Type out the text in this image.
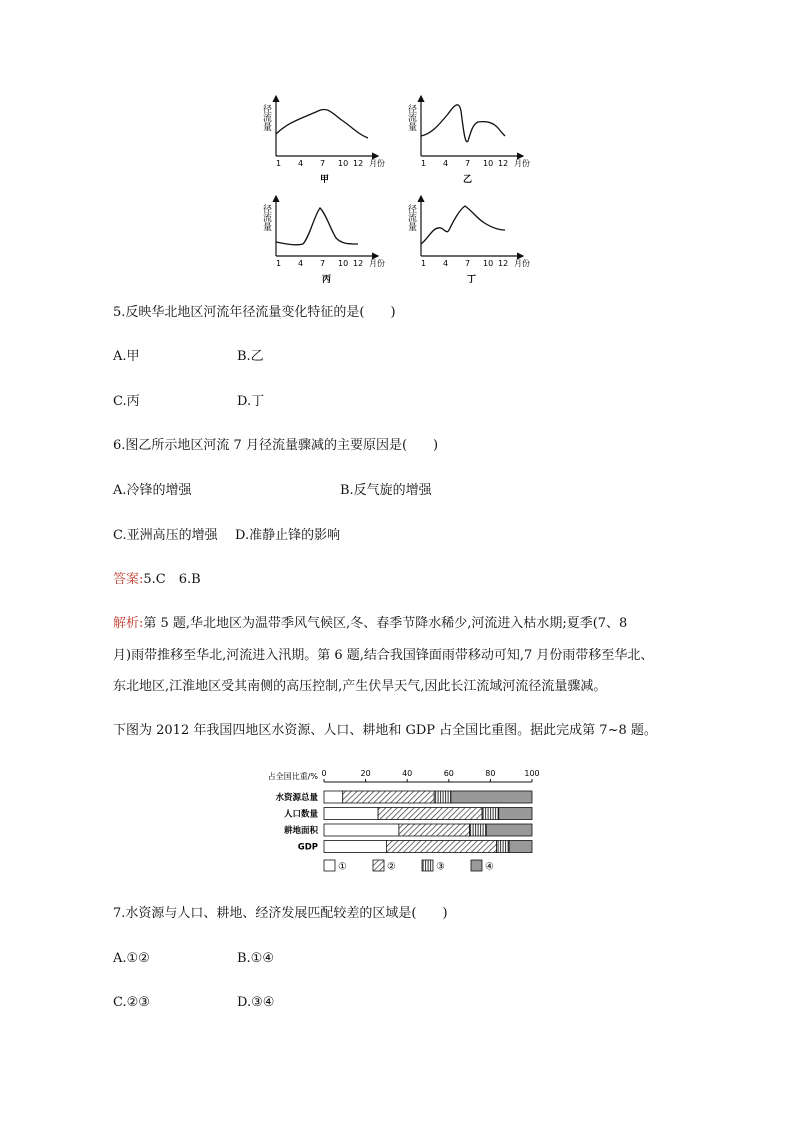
径流量
1 4 7 10 12 月份
甲
径流量
1 4 7 10 12 月份
乙
径流量
1 4 7 10 12 月份
丙
径流量
1 4 7 10 12 月份
丁
5.反映华北地区河流年径流量变化特征的是(　　)
A.甲	B.乙
C.丙	D.丁
6.图乙所示地区河流 7 月径流量骤减的主要原因是(　　)
A.冷锋的增强	B.反气旋的增强
C.亚洲高压的增强 D.准静止锋的影响
答案:5.C　6.B
解析:第 5 题,华北地区为温带季风气候区,冬、春季节降水稀少,河流进入枯水期;夏季(7、8
月)雨带推移至华北,河流进入汛期。第 6 题,结合我国锋面雨带移动可知,7 月份雨带移至华北、
东北地区,江淮地区受其南侧的高压控制,产生伏旱天气,因此长江流域河流径流量骤减。
下图为 2012 年我国四地区水资源、人口、耕地和 GDP 占全国比重图。据此完成第 7~8 题。
占全国比重/% 0	20	40	60	80	100
水资源总量
人口数量
耕地面积
GDP
①	②	③	④
7.水资源与人口、耕地、经济发展匹配较差的区域是(　　)
A.①②	B.①④
C.②③	D.③④
